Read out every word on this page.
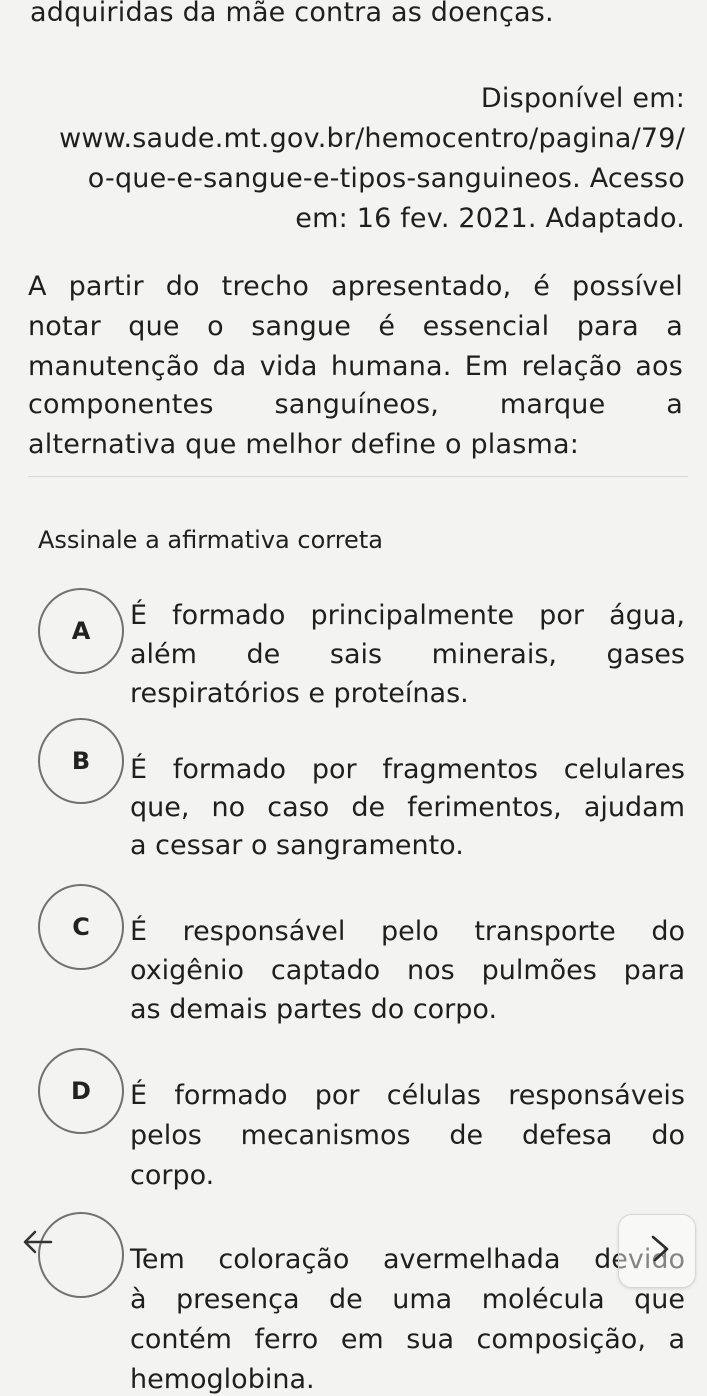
adquiridas da mãe contra as doenças.
Disponível em:
www.saude.mt.gov.br/hemocentro/pagina/79/
o-que-e-sangue-e-tipos-sanguineos. Acesso
em: 16 fev. 2021. Adaptado.
A partir do trecho apresentado, é possível
notar que o sangue é essencial para a
manutenção da vida humana. Em relação aos
componentes sanguíneos, marque a
alternativa que melhor define o plasma:
Assinale a afirmativa correta
A	É formado principalmente por água,
além de sais minerais, gases
respiratórios e proteínas.
B	É formado por fragmentos celulares
que, no caso de ferimentos, ajudam
a cessar o sangramento.
C	É responsável pelo transporte do
oxigênio captado nos pulmões para
as demais partes do corpo.
D	É formado por células responsáveis
pelos mecanismos de defesa do
corpo.
Tem coloração avermelhada devido
à presença de uma molécula que
contém ferro em sua composição, a
hemoglobina.
